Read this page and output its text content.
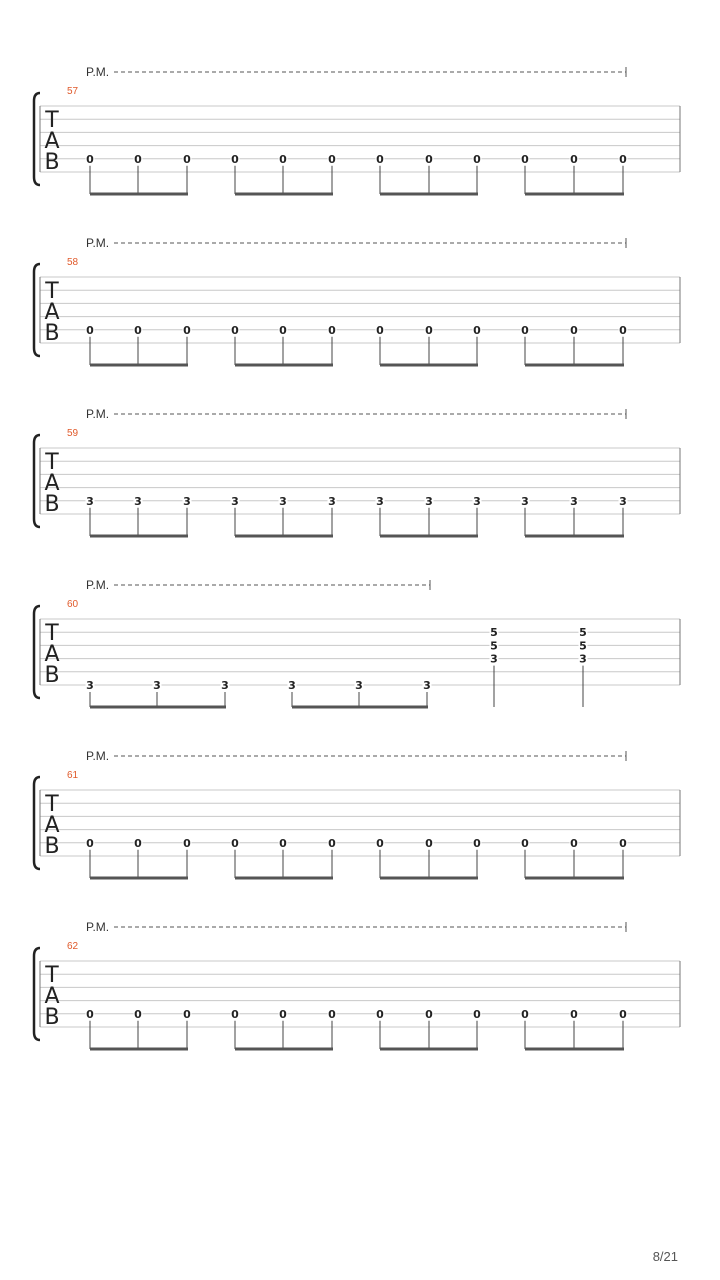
T
A
B
57
P.M.
0	0	0	0	0	0	0	0	0	0	0	0
T
A
B
58
P.M.
0	0	0	0	0	0	0	0	0	0	0	0
T
A
B
59
P.M.
3	3	3	3	3	3	3	3	3	3	3	3
T
A
B
60
P.M.
3	3	3	3	3	3
5
5
3
5
5
3
T
A
B
61
P.M.
0	0	0	0	0	0	0	0	0	0	0	0
T
A
B
62
P.M.
0	0	0	0	0	0	0	0	0	0	0	0
8/21
